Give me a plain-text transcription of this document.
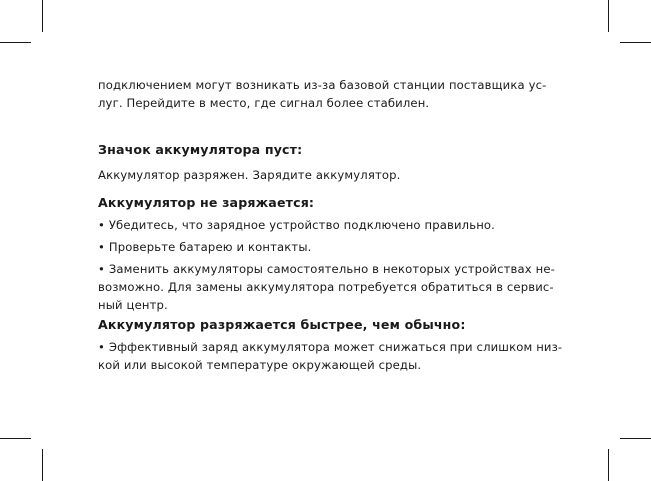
подключением могут возникать из-за базовой станции поставщика ус-
луг. Перейдите в место, где сигнал более стабилен.

Значок аккумулятора пуст:

Аккумулятор разряжен. Зарядите аккумулятор.

Аккумулятор не заряжается:

• Убедитесь, что зарядное устройство подключено правильно.

• Проверьте батарею и контакты.

• Заменить аккумуляторы самостоятельно в некоторых устройствах не-
возможно. Для замены аккумулятора потребуется обратиться в сервис-
ный центр.

Аккумулятор разряжается быстрее, чем обычно:

• Эффективный заряд аккумулятора может снижаться при слишком низ-
кой или высокой температуре окружающей среды.
